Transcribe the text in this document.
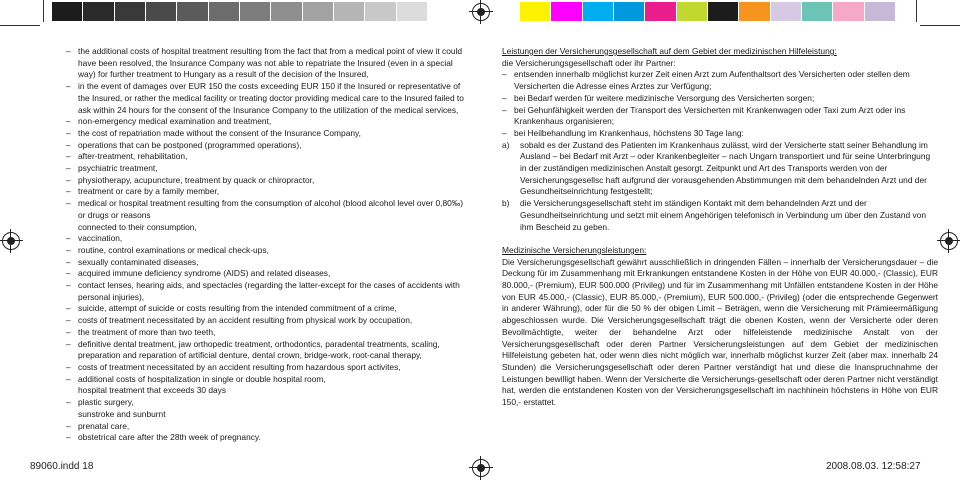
– the additional costs of hospital treatment resulting from the fact that from a medical point of view it could have been resolved, the Insurance Company was not able to repatriate the Insured (even in a special way) for further treatment to Hungary as a result of the decision of the Insured,

– in the event of damages over EUR 150 the costs exceeding EUR 150 if the Insured or representative of the Insured, or rather the medical facility or treating doctor providing medical care to the Insured failed to ask within 24 hours for the consent of the Insurance Company to the utilization of the medical services,

– non-emergency medical examination and treatment,

– the cost of repatriation made without the consent of the Insurance Company,

– operations that can be postponed (programmed operations),

– after-treatment, rehabilitation,

– psychiatric treatment,

– physiotherapy, acupuncture, treatment by quack or chiropractor,

– treatment or care by a family member,

– medical or hospital treatment resulting from the consumption of alcohol (blood alcohol level over 0,80‰) or drugs or reasons

connected to their consumption,

– vaccination,

– routine, control examinations or medical check-ups,

– sexually contaminated diseases,

– acquired immune deficiency syndrome (AIDS) and related diseases,

– contact lenses, hearing aids, and spectacles (regarding the latter-except for the cases of accidents with personal injuries),

– suicide, attempt of suicide or costs resulting from the intended commitment of a crime,

– costs of treatment necessitated by an accident resulting from physical work by occupation,

– the treatment of more than two teeth,

– definitive dental treatment, jaw orthopedic treatment, orthodontics, paradental treatments, scaling, preparation and reparation of artificial denture, dental crown, bridge-work, root-canal therapy,

– costs of treatment necessitated by an accident resulting from hazardous sport activites,

– additional costs of hospitalization in single or double hospital room,

hospital treatment that exceeds 30 days

– plastic surgery,

sunstroke and sunburnt

– prenatal care,

– obstetrical care after the 28th week of pregnancy.

Leistungen der Versicherungsgesellschaft auf dem Gebiet der medizinischen Hilfeleistung:

die Versicherungsgesellschaft oder ihr Partner:

– entsenden innerhalb möglichst kurzer Zeit einen Arzt zum Aufenthaltsort des Versicherten oder stellen dem Versicherten die Adresse eines Arztes zur Verfügung;

– bei Bedarf werden für weitere medizinische Versorgung des Versicherten sorgen;

– bei Gehunfähigkeit werden der Transport des Versicherten mit Krankenwagen oder Taxi zum Arzt oder ins Krankenhaus organisieren;

– bei Heilbehandlung im Krankenhaus, höchstens 30 Tage lang:

a) sobald es der Zustand des Patienten im Krankenhaus zulässt, wird der Versicherte statt seiner Behandlung im Ausland – bei Bedarf mit Arzt – oder Krankenbegleiter – nach Ungarn transportiert und für seine Unterbringung in der zuständigen medizinischen Anstalt gesorgt. Zeitpunkt und Art des Transports werden von der Versicherungsgesellsc haft aufgrund der vorausgehenden Abstimmungen mit dem behandelnden Arzt und der Gesundheitseinrichtung festgestellt;

b) die Versicherungsgesellschaft steht im ständigen Kontakt mit dem behandelnden Arzt und der Gesundheitseinrichtung und setzt mit einem Angehörigen telefonisch in Verbindung um über den Zustand von ihm Bescheid zu geben.

Medizinische Versicherungsleistungen:

Die Versicherungsgesellschaft gewährt ausschließlich in dringenden Fällen – innerhalb der Versicherungsdauer – die Deckung für im Zusammenhang mit Erkrankungen entstandene Kosten in der Höhe von EUR 40.000,- (Classic), EUR 80.000,- (Premium), EUR 500.000 (Privileg) und für im Zusammenhang mit Unfällen entstandene Kosten in der Höhe von EUR 45.000,- (Classic), EUR 85.000,- (Premium), EUR 500.000,- (Privileg) (oder die entsprechende Gegenwert in anderer Währung), oder für die 50 % der obigen Limit – Beträgen, wenn die Versicherung mit Prämieermäßigung abgeschlossen wurde. Die Versicherungsgesellschaft trägt die obenen Kosten, wenn der Versicherte oder deren Bevollmächtigte, weiter der behandelne Arzt oder hilfeleistende medizinische Anstalt von der Versicherungsgesellschaft oder deren Partner Versicherungsleistungen auf dem Gebiet der medizinischen Hilfeleistung gebeten hat, oder wenn dies nicht möglich war, innerhalb möglichst kurzer Zeit (aber max. innerhalb 24 Stunden) die Versicherungsgesellschaft oder deren Partner verständigt hat und diese die Inanspruchnahme der Leistungen bewilligt haben. Wenn der Versicherte die Versicherungs-gesellschaft oder deren Partner nicht verständigt hat, werden die entstandenen Kosten von der Versicherungsgesellschaft im nachhinein höchstens in Höhe von EUR 150,- erstattet.

89060.indd 18	2008.08.03. 12:58:27
